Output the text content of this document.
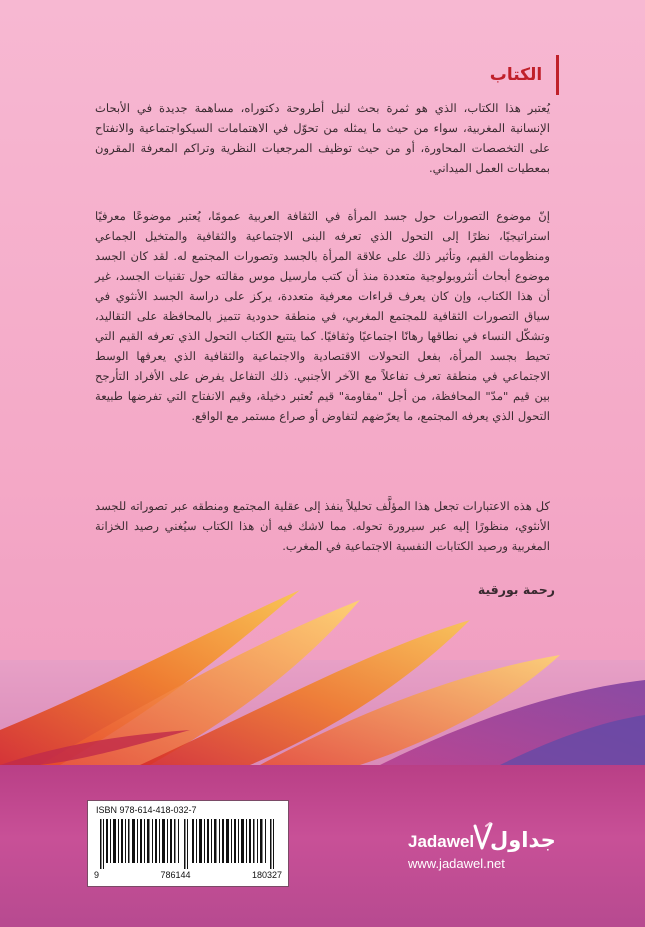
الكتاب

يُعتبر هذا الكتاب، الذي هو ثمرة بحث لنيل أطروحة دكتوراه، مساهمة جديدة في الأبحاث الإنسانية المغربية، سواء من حيث ما يمثله من تحوّل في الاهتمامات السيكواجتماعية والانفتاح على التخصصات المحاورة، أو من حيث توظيف المرجعيات النظرية وتراكم المعرفة المقرون بمعطيات العمل الميداني.

إنّ موضوع التصورات حول جسد المرأة في الثقافة العربية عمومًا، يُعتبر موضوعًا معرفيًا استراتيجيًا، نظرًا إلى التحول الذي تعرفه البنى الاجتماعية والثقافية والمتخيل الجماعي ومنظومات القيم، وتأثير ذلك على علاقة المرأة بالجسد وتصورات المجتمع له. لقد كان الجسد موضوع أبحاث أنثروبولوجية متعددة منذ أن كتب مارسيل موس مقالته حول تقنيات الجسد، غير أن هذا الكتاب، وإن كان يعرف قراءات معرفية متعددة، يركز على دراسة الجسد الأنثوي في سياق التصورات الثقافية للمجتمع المغربي، في منطقة حدودية تتميز بالمحافظة على التقاليد، وتشكّل النساء في نطاقها رهانًا اجتماعيًا وثقافيًا. كما يتتبع الكتاب التحول الذي تعرفه القيم التي تحيط بجسد المرأة، بفعل التحولات الاقتصادية والاجتماعية والثقافية الذي يعرفها الوسط الاجتماعي في منطقة تعرف تفاعلاً مع الآخر الأجنبي. ذلك التفاعل يفرض على الأفراد التأرجح بين قيم "مدّ" المحافظة، من أجل "مقاومة" قيم تُعتبر دخيلة، وقيم الانفتاح التي تفرضها طبيعة التحول الذي يعرفه المجتمع، ما يعرّضهم لتفاوض أو صراع مستمر مع الواقع.

كل هذه الاعتبارات تجعل هذا المؤلَّف تحليلاً ينفذ إلى عقلية المجتمع ومنطقه عبر تصوراته للجسد الأنثوي، منظورًا إليه عبر سيرورة تحوله. مما لاشك فيه أن هذا الكتاب سيُغني رصيد الخزانة المغربية ورصيد الكتابات النفسية الاجتماعية في المغرب.

رحمة بورقية
ISBN 978-614-418-032-7
9	786144	180327
Jadawel جداول
www.jadawel.net
